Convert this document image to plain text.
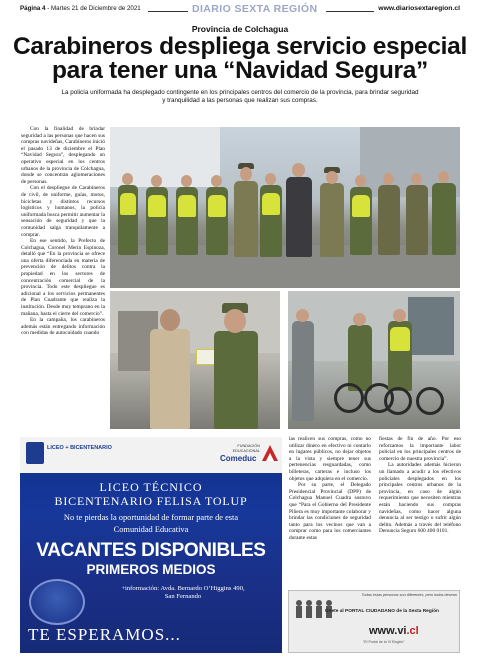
Página 4 - Martes 21 de Diciembre de 2021	DIARIO SEXTA REGIÓN	www.diariosextaregion.cl
Provincia de Colchagua
Carabineros despliega servicio especial
para tener una “Navidad Segura”
La policía uniformada ha desplegado contingente en los principales centros del comercio de la provincia, para brindar seguridad
y tranquilidad a las personas que realizan sus compras.

Con la finalidad de brindar seguridad a las personas que hacen sus compras navideñas, Carabineros inició el pasado 13 de diciembre el Plan “Navidad Segura”, desplegando un operativo especial en los centros urbanos de la provincia de Colchagua, donde se concentran aglomeraciones de personas.

Con el despliegue de Carabineros de civil, de uniforme, guías, motos, bicicletas y distintos recursos logísticos y humanos, la policía uniformada busca permitir aumentar la sensación de seguridad y que la comunidad salga tranquilamente a comprar.

En ese sentido, la Prefecto de Colchagua, Coronel Merin Espinoza, detalló que “En la provincia se ofrece una oferta diferenciada en materia de prevención de delitos contra la propiedad en los sectores de concentración comercial de la provincia. Todo este despliegue es adicional a los servicios permanentes de Plan Cuadrante que realiza la institución. Desde muy temprano en la mañana, hasta el cierre del comercio”.

En la campaña, los carabineros además están entregando información con medidas de autocuidado cuando

las realicen sus compras, como no utilizar dinero en efectivo ni contarlo en lugares públicos, no dejar objetos a la vista y siempre tener sus pertenencias resguardadas, como billeteras, carteras e incluso los objetos que adquiera en el comercio.

Por su parte, el Delegado Presidencial Provincial (DPP) de Colchagua Manuel Cuadra sostuvo que “Para el Gobierno del Presidente Piñera es muy importante colaborar y brindar las condiciones de seguridad tanto para los vecinos que van a comprar como para los comerciantes durante estas

fiestas de fin de año. Por eso reforzamos la importante labor policial en los principales centros de comercio de nuestra provincia”.

La autoridades además hicieron un llamado a acudir a los efectivos policiales desplegados en los principales centros urbanos de la provincia, en caso de algún requerimiento que necesiten mientras están haciendo sus compras navideñas, como hacer alguna denuncia al ser testigo o sufrir algún delito. Además a través del teléfono Denuncia Seguro 600 400 0101.

LICEO + BICENTENARIO	FUNDACIÓN EDUCACIONAL
Comeduc
LICEO TÉCNICO
BICENTENARIO FELISA TOLUP
No te pierdas la oportunidad de formar parte de esta
Comunidad Educativa
VACANTES DISPONIBLES
PRIMEROS MEDIOS
+información: Avda. Bernardo O’Higgins 490,
San Fernando
TE ESPERAMOS...
Todas estas personas son diferentes, pero todas desean
Únete al PORTAL CIUDADANO de la Sexta Región
www.vi.cl
"El Portal de la VI Región"
